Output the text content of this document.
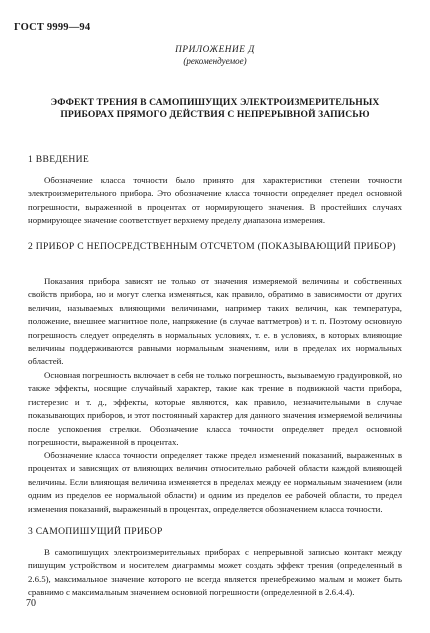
ГОСТ 9999—94
ПРИЛОЖЕНИЕ Д
(рекомендуемое)
ЭФФЕКТ ТРЕНИЯ В САМОПИШУЩИХ ЭЛЕКТРОИЗМЕРИТЕЛЬНЫХ ПРИБОРАХ ПРЯМОГО ДЕЙСТВИЯ С НЕПРЕРЫВНОЙ ЗАПИСЬЮ
1 ВВЕДЕНИЕ

Обозначение класса точности было принято для характеристики степени точности электроизмерительного прибора. Это обозначение класса точности определяет предел основной погрешности, выраженной в процентах от нормирующего значения. В простейших случаях нормирующее значение соответствует верхнему пределу диапазона измерения.

2 ПРИБОР С НЕПОСРЕДСТВЕННЫМ ОТСЧЕТОМ (ПОКАЗЫВАЮЩИЙ ПРИБОР)

Показания прибора зависят не только от значения измеряемой величины и собственных свойств прибора, но и могут слегка изменяться, как правило, обратимо в зависимости от других величин, называемых влияющими величинами, например таких величин, как температура, положение, внешнее магнитное поле, напряжение (в случае ваттметров) и т. п. Поэтому основную погрешность следует определять в нормальных условиях, т. е. в условиях, в которых влияющие величины поддерживаются равными нормальным значениям, или в пределах их нормальных областей.

Основная погрешность включает в себя не только погрешность, вызываемую градуировкой, но также эффекты, носящие случайный характер, такие как трение в подвижной части прибора, гистерезис и т. д., эффекты, которые являются, как правило, незначительными в случае показывающих приборов, и этот постоянный характер для данного значения измеряемой величины после успокоения стрелки. Обозначение класса точности определяет предел основной погрешности, выраженной в процентах.

Обозначение класса точности определяет также предел изменений показаний, выраженных в процентах и зависящих от влияющих величин относительно рабочей области каждой влияющей величины. Если влияющая величина изменяется в пределах между ее нормальным значением (или одним из пределов ее нормальной области) и одним из пределов ее рабочей области, то предел изменения показаний, выраженный в процентах, определяется обозначением класса точности.

3 САМОПИШУЩИЙ ПРИБОР

В самопишущих электроизмерительных приборах с непрерывной записью контакт между пишущим устройством и носителем диаграммы может создать эффект трения (определенный в 2.6.5), максимальное значение которого не всегда является пренебрежимо малым и может быть сравнимо с максимальным значением основной погрешности (определенной в 2.6.4.4).

70
